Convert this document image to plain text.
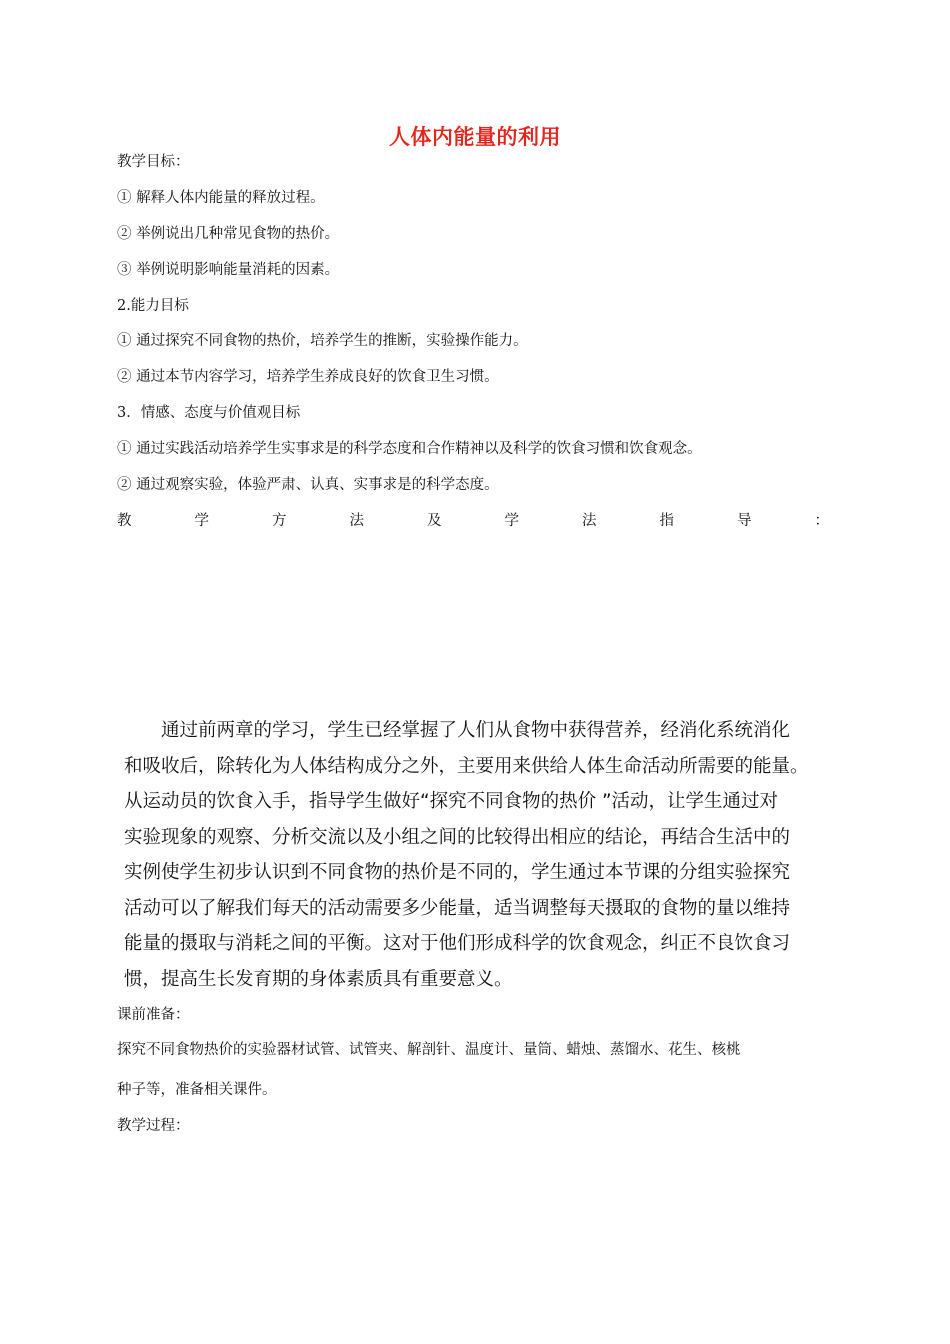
人体内能量的利用
教学目标：
① 解释人体内能量的释放过程。
② 举例说出几种常见食物的热价。
③ 举例说明影响能量消耗的因素。
2.能力目标
① 通过探究不同食物的热价，培养学生的推断，实验操作能力。
② 通过本节内容学习，培养学生养成良好的饮食卫生习惯。
3．情感、态度与价值观目标
① 通过实践活动培养学生实事求是的科学态度和合作精神以及科学的饮食习惯和饮食观念。
② 通过观察实验，体验严肃、认真、实事求是的科学态度。
教	学	方	法	及	学	法	指	导	：
通过前两章的学习，学生已经掌握了人们从食物中获得营养，经消化系统消化
和吸收后，除转化为人体结构成分之外，主要用来供给人体生命活动所需要的能量。
从运动员的饮食入手，指导学生做好“探究不同食物的热价 ”活动，让学生通过对
实验现象的观察、分析交流以及小组之间的比较得出相应的结论，再结合生活中的
实例使学生初步认识到不同食物的热价是不同的，学生通过本节课的分组实验探究
活动可以了解我们每天的活动需要多少能量，适当调整每天摄取的食物的量以维持
能量的摄取与消耗之间的平衡。这对于他们形成科学的饮食观念，纠正不良饮食习
惯，提高生长发育期的身体素质具有重要意义。
课前准备：
探究不同食物热价的实验器材试管、试管夹、解剖针、温度计、量筒、蜡烛、蒸馏水、花生、核桃
种子等，准备相关课件。
教学过程：
